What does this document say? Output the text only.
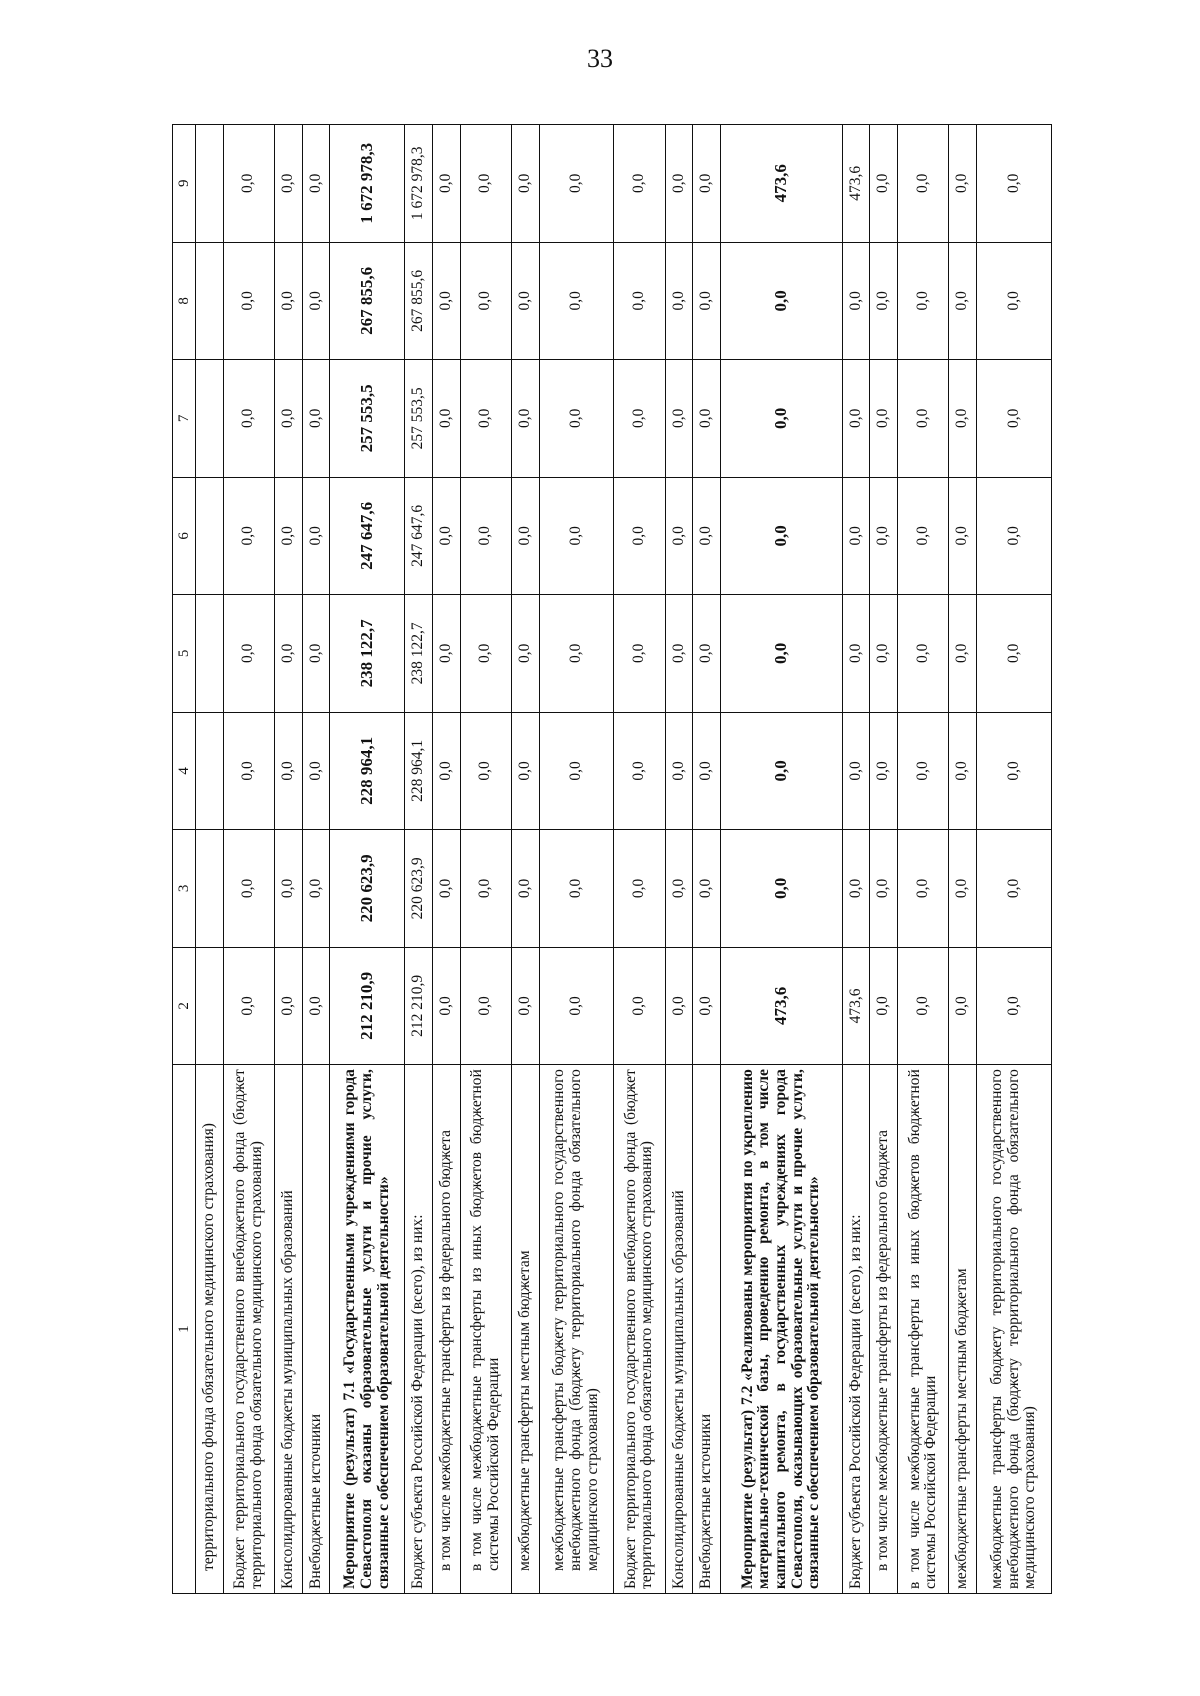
33
1	2	3	4	5	6	7	8	9
территориального фонда обязательного медицинского страхования)								
Бюджет территориального государственного внебюджетного фонда (бюджет территориального фонда обязательного медицинского страхования)	0,0	0,0	0,0	0,0	0,0	0,0	0,0	0,0
Консолидированные бюджеты муниципальных образований	0,0	0,0	0,0	0,0	0,0	0,0	0,0	0,0
Внебюджетные источники	0,0	0,0	0,0	0,0	0,0	0,0	0,0	0,0
Мероприятие (результат) 7.1 «Государственными учреждениями города Севастополя оказаны образовательные услуги и прочие услуги, связанные с обеспечением образовательной деятельности»	212 210,9	220 623,9	228 964,1	238 122,7	247 647,6	257 553,5	267 855,6	1 672 978,3
Бюджет субъекта Российской Федерации (всего), из них:	212 210,9	220 623,9	228 964,1	238 122,7	247 647,6	257 553,5	267 855,6	1 672 978,3
в том числе межбюджетные трансферты из федерального бюджета	0,0	0,0	0,0	0,0	0,0	0,0	0,0	0,0
в том числе межбюджетные трансферты из иных бюджетов бюджетной системы Российской Федерации	0,0	0,0	0,0	0,0	0,0	0,0	0,0	0,0
межбюджетные трансферты местным бюджетам	0,0	0,0	0,0	0,0	0,0	0,0	0,0	0,0
межбюджетные трансферты бюджету территориального государственного внебюджетного фонда (бюджету территориального фонда обязательного медицинского страхования)	0,0	0,0	0,0	0,0	0,0	0,0	0,0	0,0
Бюджет территориального государственного внебюджетного фонда (бюджет территориального фонда обязательного медицинского страхования)	0,0	0,0	0,0	0,0	0,0	0,0	0,0	0,0
Консолидированные бюджеты муниципальных образований	0,0	0,0	0,0	0,0	0,0	0,0	0,0	0,0
Внебюджетные источники	0,0	0,0	0,0	0,0	0,0	0,0	0,0	0,0
Мероприятие (результат) 7.2 «Реализованы мероприятия по укреплению материально-технической базы, проведению ремонта, в том числе капитального ремонта, в государственных учреждениях города Севастополя, оказывающих образовательные услуги и прочие услуги, связанные с обеспечением образовательной деятельности»	473,6	0,0	0,0	0,0	0,0	0,0	0,0	473,6
Бюджет субъекта Российской Федерации (всего), из них:	473,6	0,0	0,0	0,0	0,0	0,0	0,0	473,6
в том числе межбюджетные трансферты из федерального бюджета	0,0	0,0	0,0	0,0	0,0	0,0	0,0	0,0
в том числе межбюджетные трансферты из иных бюджетов бюджетной системы Российской Федерации	0,0	0,0	0,0	0,0	0,0	0,0	0,0	0,0
межбюджетные трансферты местным бюджетам	0,0	0,0	0,0	0,0	0,0	0,0	0,0	0,0
межбюджетные трансферты бюджету территориального государственного внебюджетного фонда (бюджету территориального фонда обязательного медицинского страхования)	0,0	0,0	0,0	0,0	0,0	0,0	0,0	0,0
